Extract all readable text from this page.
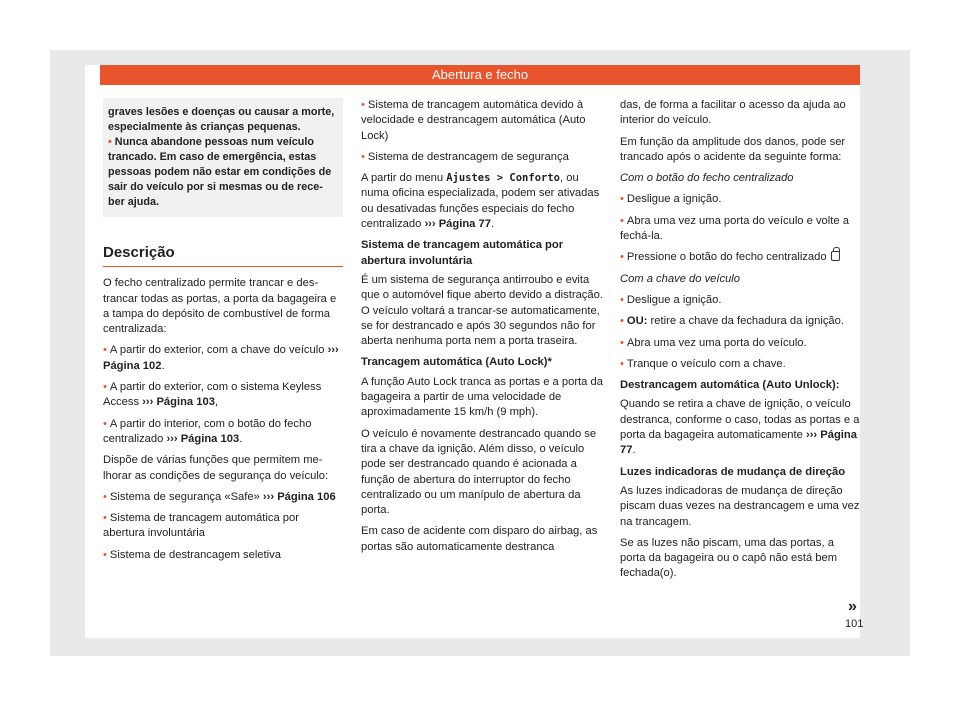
Abertura e fecho

graves lesões e doenças ou causar a morte, especialmente às crianças pequenas.

• Nunca abandone pessoas num veículo trancado. Em caso de emergência, estas pessoas podem não estar em condições de sair do veículo por si mesmas ou de receber ajuda.

Descrição

O fecho centralizado permite trancar e destrancar todas as portas, a porta da bagageira e a tampa do depósito de combustível de forma centralizada:

• A partir do exterior, com a chave do veículo ››› Página 102.

• A partir do exterior, com o sistema Keyless Access ››› Página 103,

• A partir do interior, com o botão do fecho centralizado ››› Página 103.

Dispõe de várias funções que permitem melhorar as condições de segurança do veículo:

• Sistema de segurança «Safe» ››› Página 106

• Sistema de trancagem automática por abertura involuntária

• Sistema de destrancagem seletiva

• Sistema de trancagem automática devido à velocidade e destrancagem automática (Auto Lock)

• Sistema de destrancagem de segurança

A partir do menu Ajustes > Conforto, ou numa oficina especializada, podem ser ativadas ou desativadas funções especiais do fecho centralizado ››› Página 77.

Sistema de trancagem automática por abertura involuntária

É um sistema de segurança antirroubo e evita que o automóvel fique aberto devido a distração. O veículo voltará a trancar-se automaticamente, se for destrancado e após 30 segundos não for aberta nenhuma porta nem a porta traseira.

Trancagem automática (Auto Lock)*

A função Auto Lock tranca as portas e a porta da bagageira a partir de uma velocidade de aproximadamente 15 km/h (9 mph).

O veículo é novamente destrancado quando se tira a chave da ignição. Além disso, o veículo pode ser destrancado quando é acionada a função de abertura do interruptor do fecho centralizado ou um manípulo de abertura da porta.

Em caso de acidente com disparo do airbag, as portas são automaticamente destranca

das, de forma a facilitar o acesso da ajuda ao interior do veículo.

Em função da amplitude dos danos, pode ser trancado após o acidente da seguinte forma:

Com o botão do fecho centralizado

• Desligue a ignição.

• Abra uma vez uma porta do veículo e volte a fechá-la.

• Pressione o botão do fecho centralizado

Com a chave do veículo

• Desligue a ignição.

• OU: retire a chave da fechadura da ignição.

• Abra uma vez uma porta do veículo.

• Tranque o veículo com a chave.

Destrancagem automática (Auto Unlock):

Quando se retira a chave de ignição, o veículo destranca, conforme o caso, todas as portas e a porta da bagageira automaticamente ››› Página 77.

Luzes indicadoras de mudança de direção

As luzes indicadoras de mudança de direção piscam duas vezes na destrancagem e uma vez na trancagem.

Se as luzes não piscam, uma das portas, a porta da bagageira ou o capô não está bem fechada(o).

»
101
